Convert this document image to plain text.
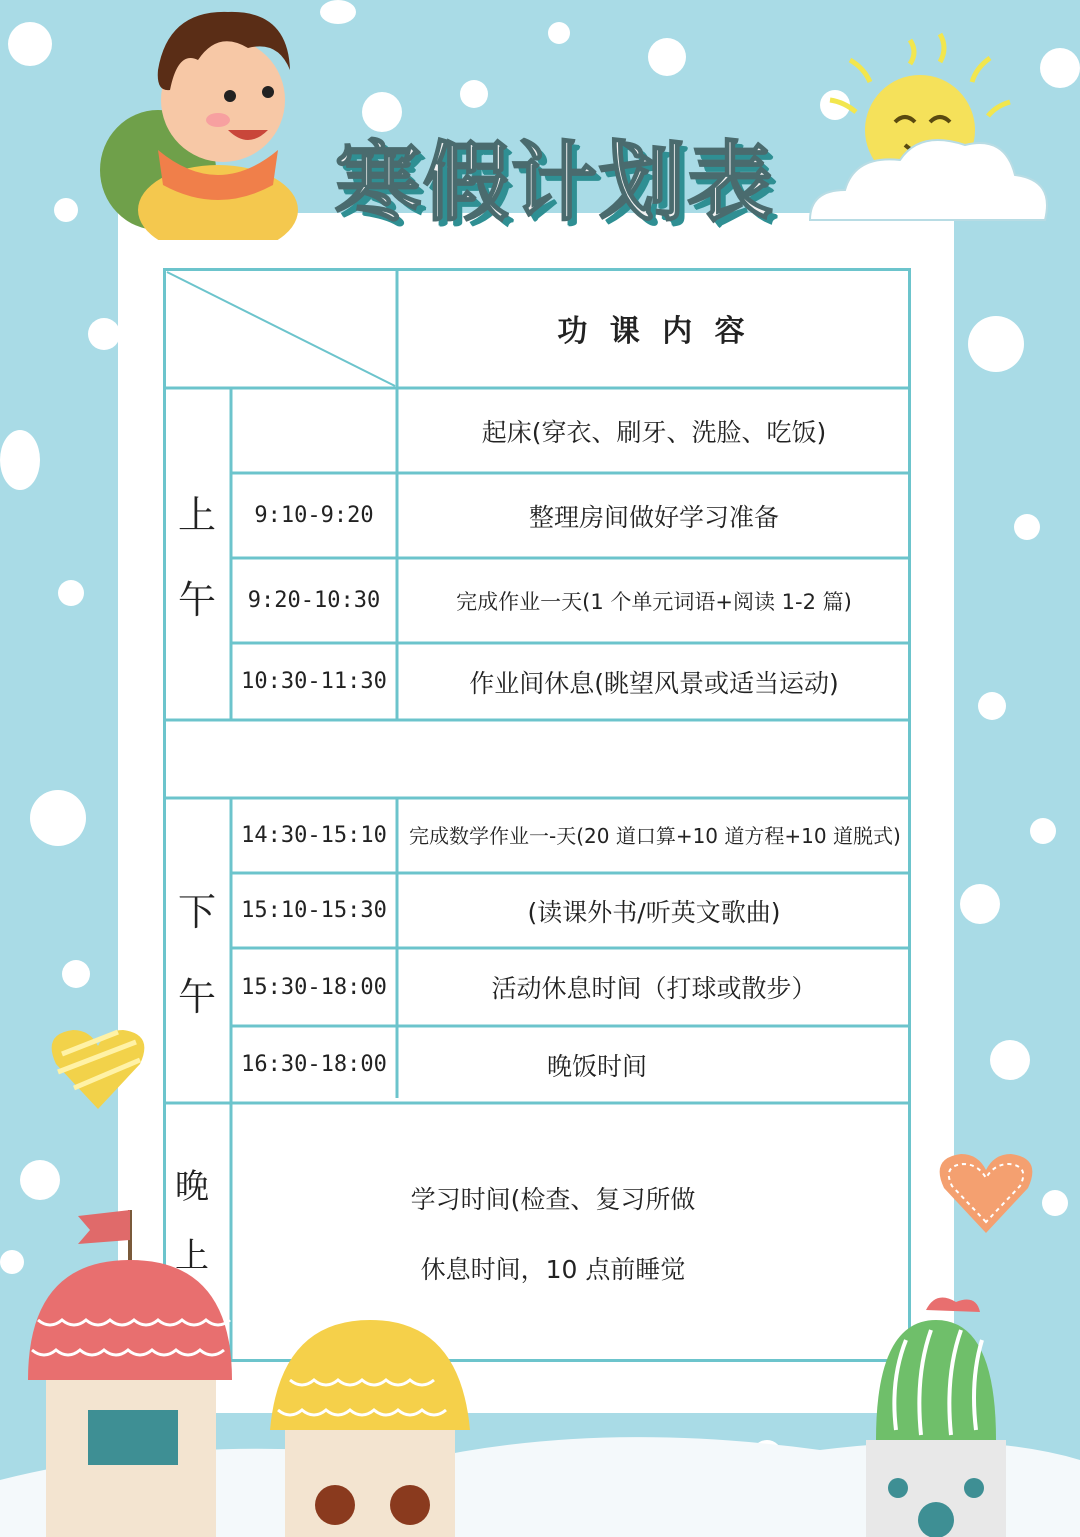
寒假计划表
功 课 内 容
上
午
起床(穿衣、刷牙、洗脸、吃饭)
9:10-9:20	整理房间做好学习准备
9:20-10:30	完成作业一天(1 个单元词语+阅读 1-2 篇)
10:30-11:30	作业间休息(眺望风景或适当运动)
下
午
14:30-15:10	完成数学作业一-天(20 道口算+10 道方程+10 道脱式)
15:10-15:30	(读课外书/听英文歌曲)
15:30-18:00	活动休息时间（打球或散步）
16:30-18:00	晚饭时间
晚
上
学习时间(检查、复习所做
休息时间，10 点前睡觉
